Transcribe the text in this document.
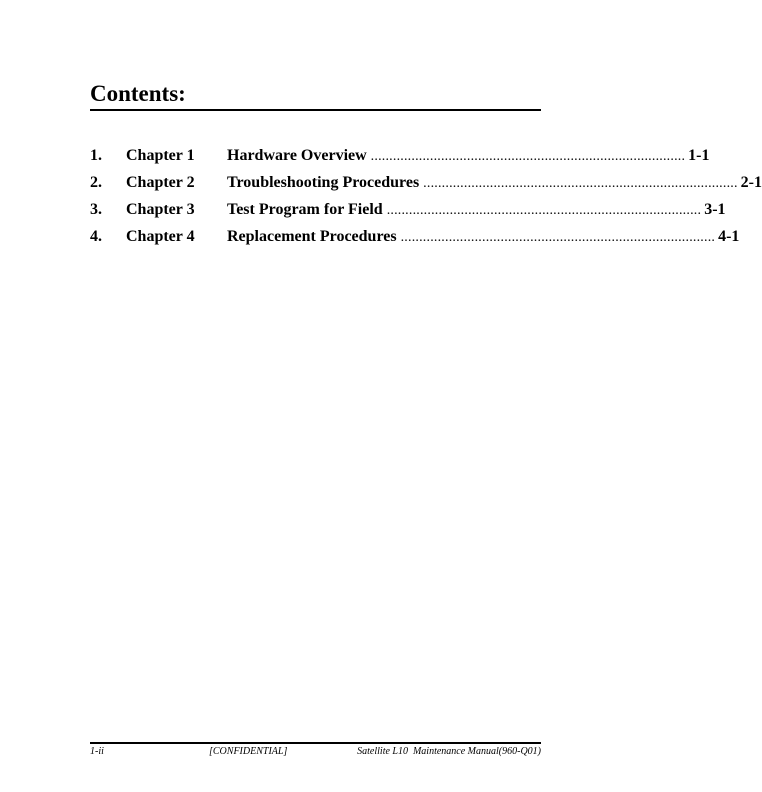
Contents:
1. Chapter 1 Hardware Overview ..................................................................................... 1-1
2. Chapter 2 Troubleshooting Procedures ..................................................................................... 2-1
3. Chapter 3 Test Program for Field ..................................................................................... 3-1
4. Chapter 4 Replacement Procedures ..................................................................................... 4-1
1-ii	[CONFIDENTIAL]	Satellite L10  Maintenance Manual(960-Q01)
